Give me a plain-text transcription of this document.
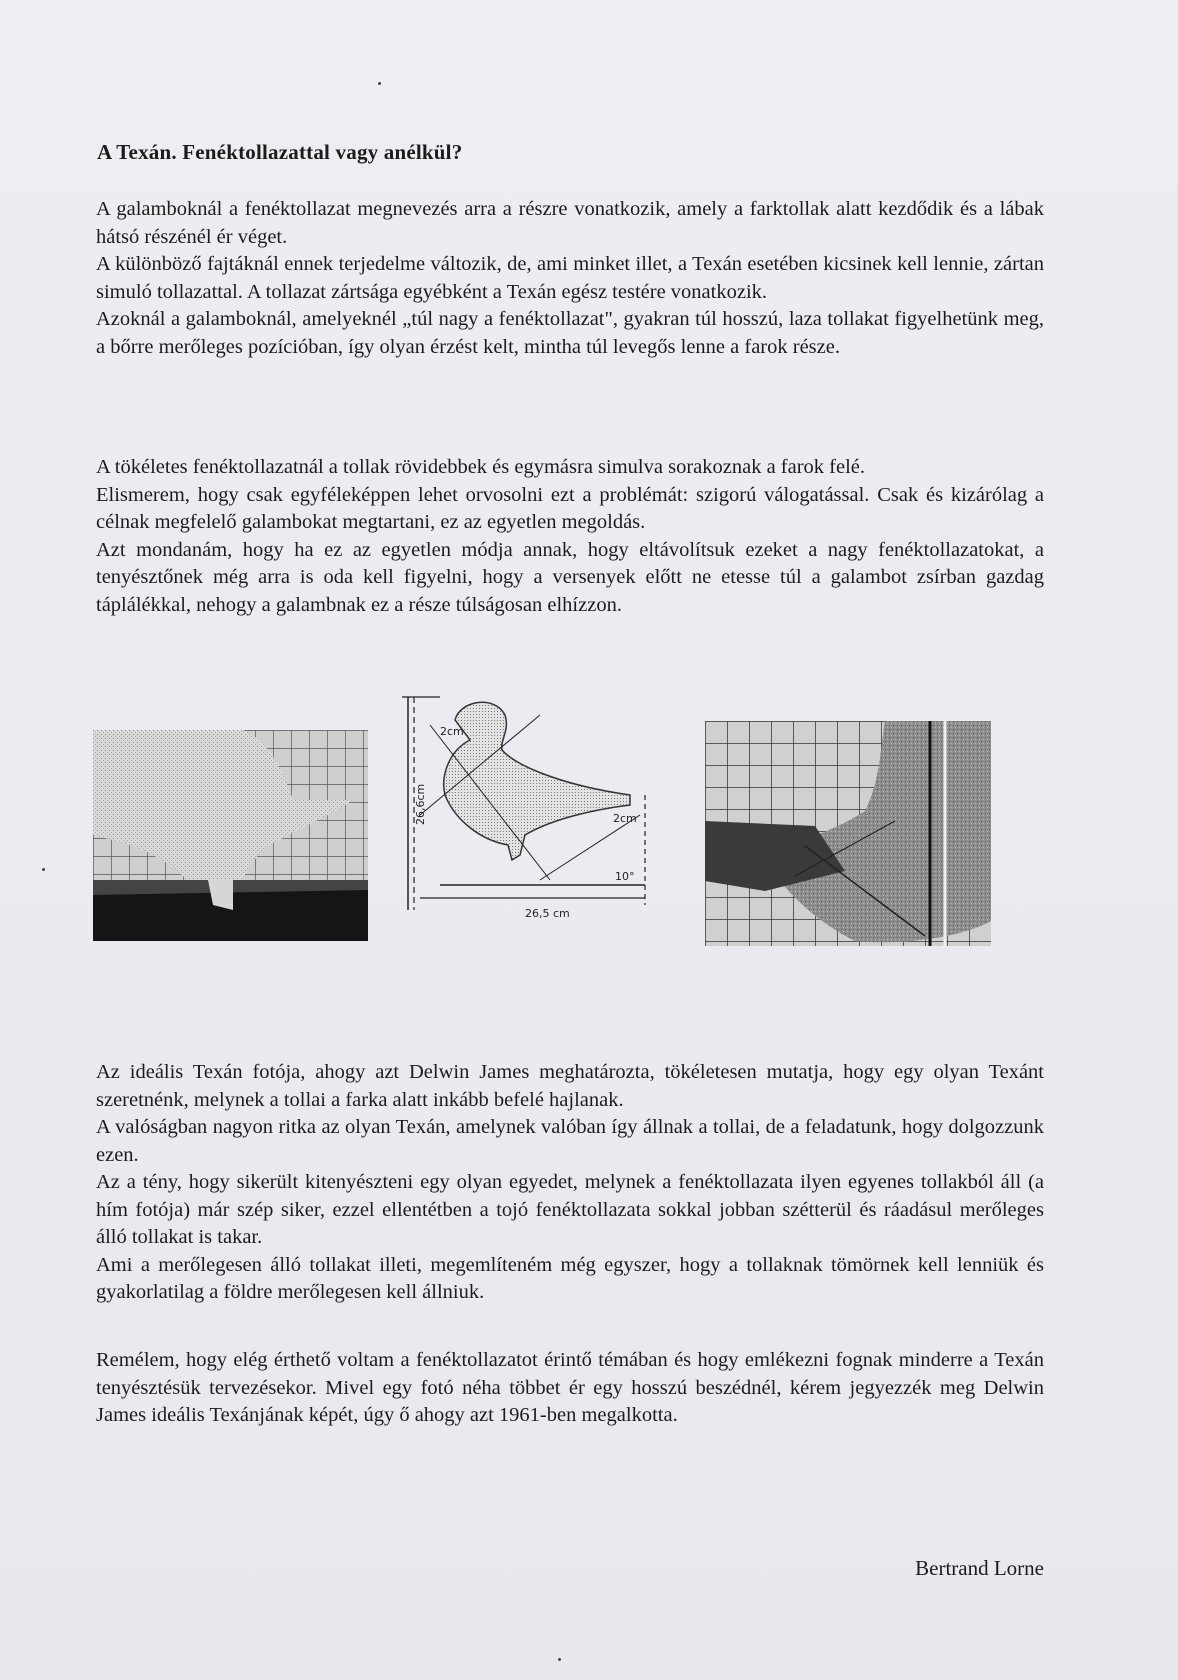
A Texán. Fenéktollazattal vagy anélkül?

A galamboknál a fenéktollazat megnevezés arra a részre vonatkozik, amely a farktollak alatt kezdődik és a lábak hátsó részénél ér véget.

A különböző fajtáknál ennek terjedelme változik, de, ami minket illet, a Texán esetében kicsinek kell lennie, zártan simuló tollazattal. A tollazat zártsága egyébként a Texán egész testére vonatkozik.

Azoknál a galamboknál, amelyeknél „túl nagy a fenéktollazat", gyakran túl hosszú, laza tollakat figyelhetünk meg, a bőrre merőleges pozícióban, így olyan érzést kelt, mintha túl levegős lenne a farok része.

A tökéletes fenéktollazatnál a tollak rövidebbek és egymásra simulva sorakoznak a farok felé.

Elismerem, hogy csak egyféleképpen lehet orvosolni ezt a problémát: szigorú válogatással. Csak és kizárólag a célnak megfelelő galambokat megtartani, ez az egyetlen megoldás.

Azt mondanám, hogy ha ez az egyetlen módja annak, hogy eltávolítsuk ezeket a nagy fenéktollazatokat, a tenyésztőnek még arra is oda kell figyelni, hogy a versenyek előtt ne etesse túl a galambot zsírban gazdag táplálékkal, nehogy a galambnak ez a része túlságosan elhízzon.

2cm
26,6cm	2cm
10°
26,5 cm

Az ideális Texán fotója, ahogy azt Delwin James meghatározta, tökéletesen mutatja, hogy egy olyan Texánt szeretnénk, melynek a tollai a farka alatt inkább befelé hajlanak.

A valóságban nagyon ritka az olyan Texán, amelynek valóban így állnak a tollai, de a feladatunk, hogy dolgozzunk ezen.

Az a tény, hogy sikerült kitenyészteni egy olyan egyedet, melynek a fenéktollazata ilyen egyenes tollakból áll (a hím fotója) már szép siker, ezzel ellentétben a tojó fenéktollazata sokkal jobban szétterül és ráadásul merőleges álló tollakat is takar.

Ami a merőlegesen álló tollakat illeti, megemlíteném még egyszer, hogy a tollaknak tömörnek kell lenniük és gyakorlatilag a földre merőlegesen kell állniuk.

Remélem, hogy elég érthető voltam a fenéktollazatot érintő témában és hogy emlékezni fognak minderre a Texán tenyésztésük tervezésekor. Mivel egy fotó néha többet ér egy hosszú beszédnél, kérem jegyezzék meg Delwin James ideális Texánjának képét, úgy ő ahogy azt 1961-ben megalkotta.

Bertrand Lorne
